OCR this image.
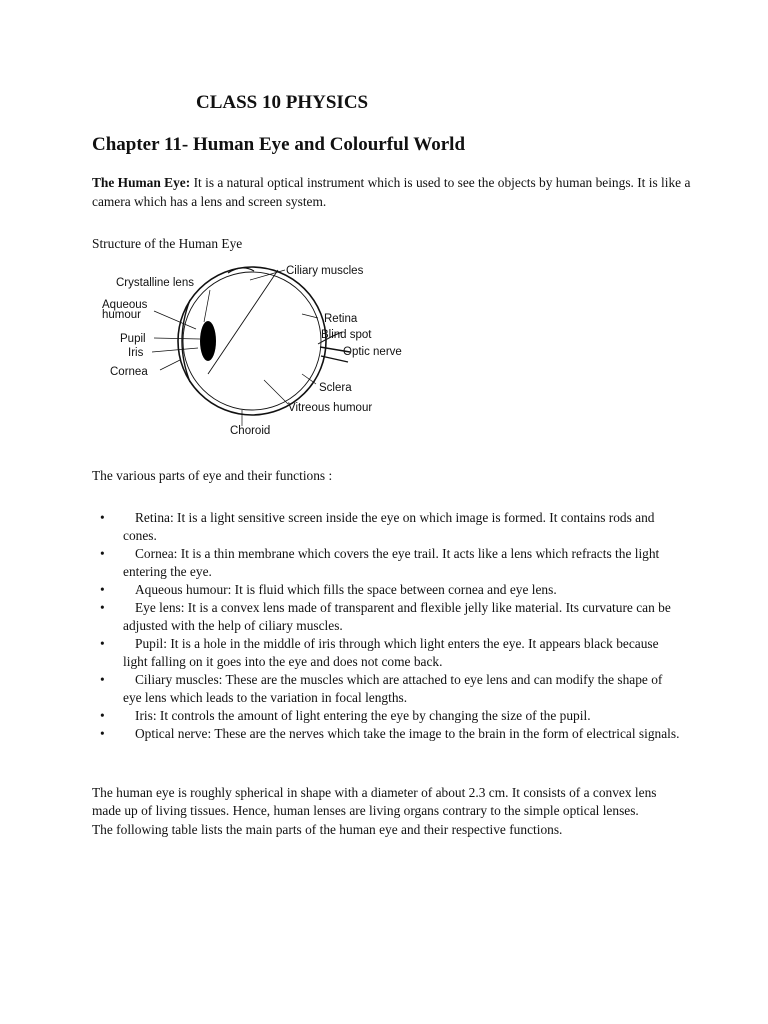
CLASS 10 PHYSICS
Chapter 11- Human Eye and Colourful World

The Human Eye: It is a natural optical instrument which is used to see the objects by human beings. It is like a camera which has a lens and screen system.

Structure of the Human Eye

Crystalline lens
Aqueous
humour
Pupil
Iris
Cornea
Ciliary muscles
Retina
Blind spot
Optic nerve
Sclera
Vitreous humour
Choroid

The various parts of eye and their functions :

• Retina: It is a light sensitive screen inside the eye on which image is formed. It contains rods and cones.
• Cornea: It is a thin membrane which covers the eye trail. It acts like a lens which refracts the light entering the eye.
• Aqueous humour: It is fluid which fills the space between cornea and eye lens.
• Eye lens: It is a convex lens made of transparent and flexible jelly like material. Its curvature can be adjusted with the help of ciliary muscles.
• Pupil: It is a hole in the middle of iris through which light enters the eye. It appears black because light falling on it goes into the eye and does not come back.
• Ciliary muscles: These are the muscles which are attached to eye lens and can modify the shape of eye lens which leads to the variation in focal lengths.
• Iris: It controls the amount of light entering the eye by changing the size of the pupil.
• Optical nerve: These are the nerves which take the image to the brain in the form of electrical signals.

The human eye is roughly spherical in shape with a diameter of about 2.3 cm. It consists of a convex lens made up of living tissues. Hence, human lenses are living organs contrary to the simple optical lenses. The following table lists the main parts of the human eye and their respective functions.
